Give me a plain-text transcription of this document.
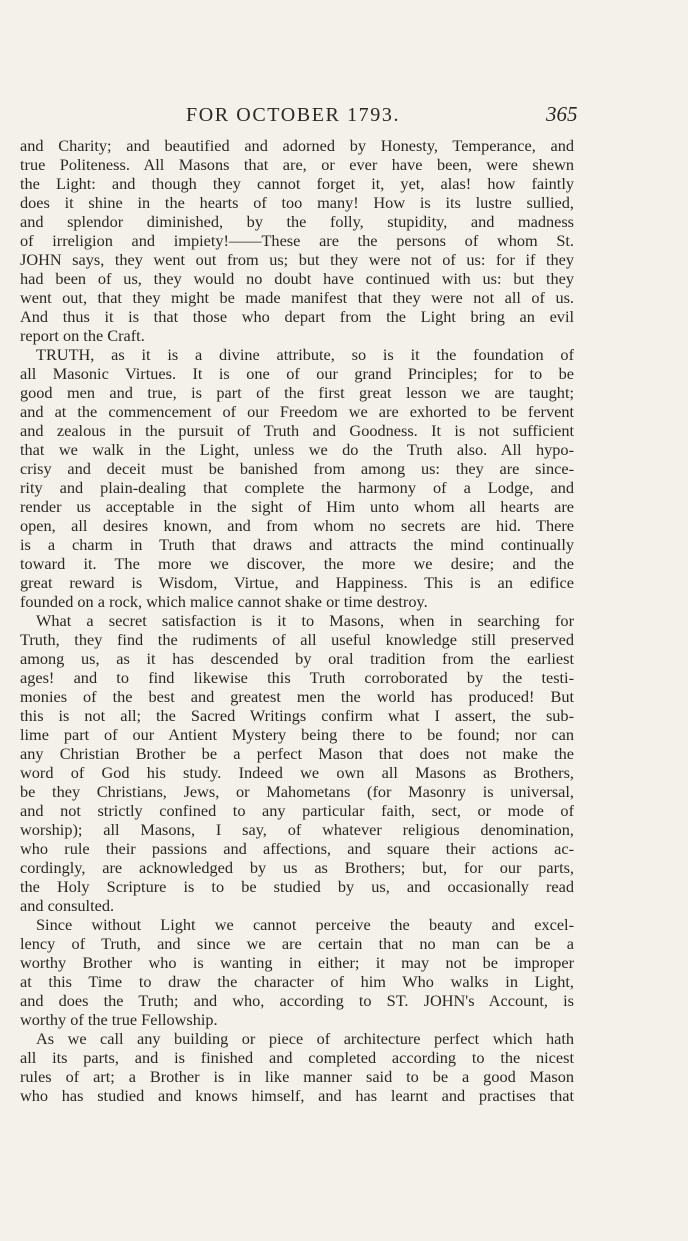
FOR OCTOBER 1793.	365
and Charity; and beautified and adorned by Honesty, Temperance, and
true Politeness. All Masons that are, or ever have been, were shewn
the Light: and though they cannot forget it, yet, alas! how faintly
does it shine in the hearts of too many! How is its lustre sullied,
and splendor diminished, by the folly, stupidity, and madness
of irreligion and impiety!——These are the persons of whom St.
JOHN says, they went out from us; but they were not of us: for if they
had been of us, they would no doubt have continued with us: but they
went out, that they might be made manifest that they were not all of us.
And thus it is that those who depart from the Light bring an evil
report on the Craft.
TRUTH, as it is a divine attribute, so is it the foundation of
all Masonic Virtues. It is one of our grand Principles; for to be
good men and true, is part of the first great lesson we are taught;
and at the commencement of our Freedom we are exhorted to be fervent
and zealous in the pursuit of Truth and Goodness. It is not sufficient
that we walk in the Light, unless we do the Truth also. All hypo-
crisy and deceit must be banished from among us: they are since-
rity and plain-dealing that complete the harmony of a Lodge, and
render us acceptable in the sight of Him unto whom all hearts are
open, all desires known, and from whom no secrets are hid. There
is a charm in Truth that draws and attracts the mind continually
toward it. The more we discover, the more we desire; and the
great reward is Wisdom, Virtue, and Happiness. This is an edifice
founded on a rock, which malice cannot shake or time destroy.
What a secret satisfaction is it to Masons, when in searching for
Truth, they find the rudiments of all useful knowledge still preserved
among us, as it has descended by oral tradition from the earliest
ages! and to find likewise this Truth corroborated by the testi-
monies of the best and greatest men the world has produced! But
this is not all; the Sacred Writings confirm what I assert, the sub-
lime part of our Antient Mystery being there to be found; nor can
any Christian Brother be a perfect Mason that does not make the
word of God his study. Indeed we own all Masons as Brothers,
be they Christians, Jews, or Mahometans (for Masonry is universal,
and not strictly confined to any particular faith, sect, or mode of
worship); all Masons, I say, of whatever religious denomination,
who rule their passions and affections, and square their actions ac-
cordingly, are acknowledged by us as Brothers; but, for our parts,
the Holy Scripture is to be studied by us, and occasionally read
and consulted.
Since without Light we cannot perceive the beauty and excel-
lency of Truth, and since we are certain that no man can be a
worthy Brother who is wanting in either; it may not be improper
at this Time to draw the character of him Who walks in Light,
and does the Truth; and who, according to ST. JOHN's Account, is
worthy of the true Fellowship.
As we call any building or piece of architecture perfect which hath
all its parts, and is finished and completed according to the nicest
rules of art; a Brother is in like manner said to be a good Mason
who has studied and knows himself, and has learnt and practises that
